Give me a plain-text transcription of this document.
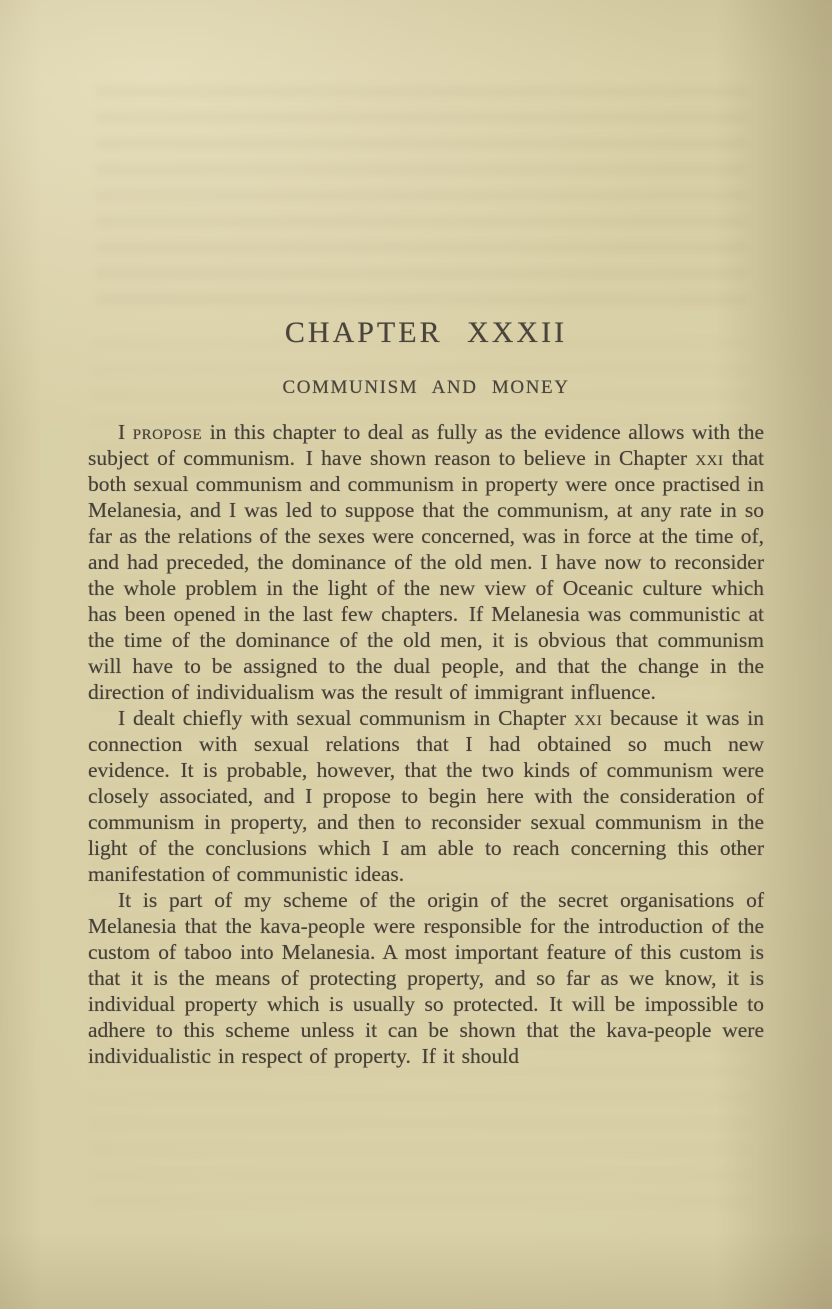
CHAPTER XXXII
COMMUNISM AND MONEY

I propose in this chapter to deal as fully as the evidence allows with the subject of communism. I have shown reason to believe in Chapter xxi that both sexual communism and communism in property were once practised in Melanesia, and I was led to suppose that the communism, at any rate in so far as the relations of the sexes were concerned, was in force at the time of, and had preceded, the dominance of the old men. I have now to reconsider the whole problem in the light of the new view of Oceanic culture which has been opened in the last few chapters. If Melanesia was communistic at the time of the dominance of the old men, it is obvious that communism will have to be assigned to the dual people, and that the change in the direction of individualism was the result of immigrant influence.

I dealt chiefly with sexual communism in Chapter xxi because it was in connection with sexual relations that I had obtained so much new evidence. It is probable, however, that the two kinds of communism were closely associated, and I propose to begin here with the consideration of communism in property, and then to reconsider sexual communism in the light of the conclusions which I am able to reach concerning this other manifestation of communistic ideas.

It is part of my scheme of the origin of the secret organisations of Melanesia that the kava-people were responsible for the introduction of the custom of taboo into Melanesia. A most important feature of this custom is that it is the means of protecting property, and so far as we know, it is individual property which is usually so protected. It will be impossible to adhere to this scheme unless it can be shown that the kava-people were individualistic in respect of property. If it should
